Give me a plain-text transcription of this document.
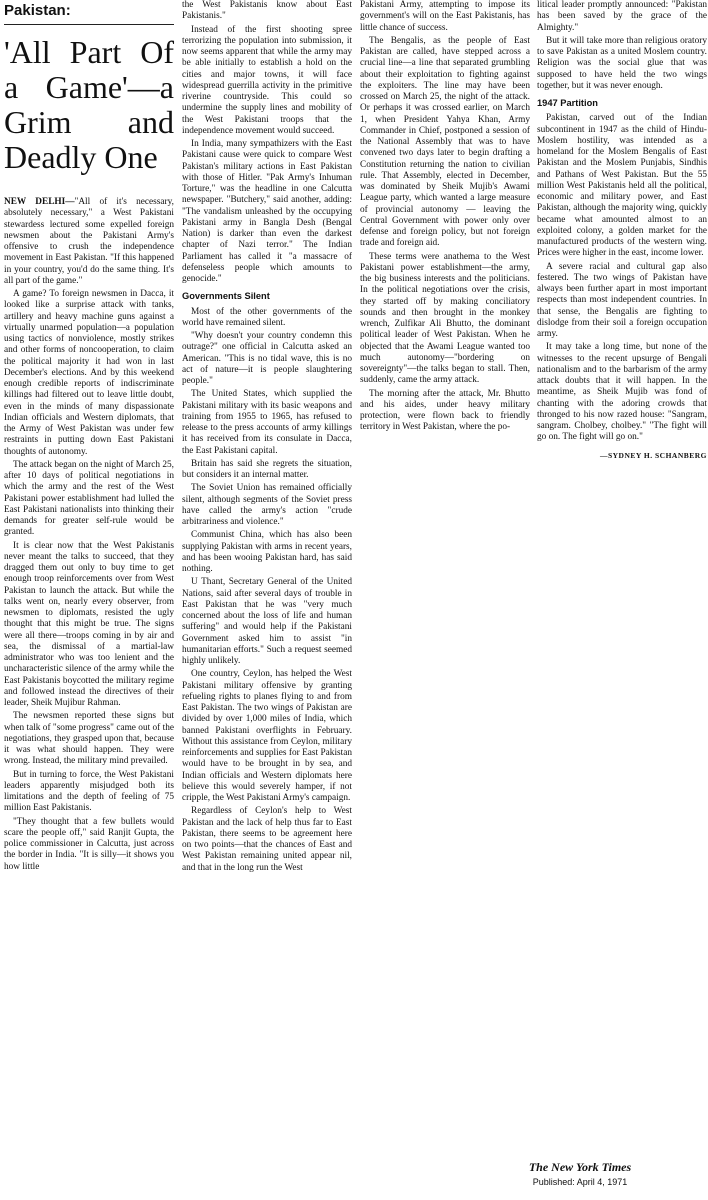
Pakistan:
'All Part Of a Game'—a Grim and Deadly One

NEW DELHI—"All of it's necessary, absolutely necessary," a West Pakistani stewardess lectured some expelled foreign newsmen about the Pakistani Army's offensive to crush the independence movement in East Pakistan. "If this happened in your country, you'd do the same thing. It's all part of the game."

A game? To foreign newsmen in Dacca, it looked like a surprise attack with tanks, artillery and heavy machine guns against a virtually unarmed population—a population using tactics of nonviolence, mostly strikes and other forms of noncooperation, to claim the political majority it had won in last December's elections. And by this weekend enough credible reports of indiscriminate killings had filtered out to leave little doubt, even in the minds of many dispassionate Indian officials and Western diplomats, that the Army of West Pakistan was under few restraints in putting down East Pakistani thoughts of autonomy.

The attack began on the night of March 25, after 10 days of political negotiations in which the army and the rest of the West Pakistani power establishment had lulled the East Pakistani nationalists into thinking their demands for greater self-rule would be granted.

It is clear now that the West Pakistanis never meant the talks to succeed, that they dragged them out only to buy time to get enough troop reinforcements over from West Pakistan to launch the attack. But while the talks went on, nearly every observer, from newsmen to diplomats, resisted the ugly thought that this might be true. The signs were all there—troops coming in by air and sea, the dismissal of a martial-law administrator who was too lenient and the uncharacteristic silence of the army while the East Pakistanis boycotted the military regime and followed instead the directives of their leader, Sheik Mujibur Rahman.

The newsmen reported these signs but when talk of "some progress" came out of the negotiations, they grasped upon that, because it was what should happen. They were wrong. Instead, the military mind prevailed.

But in turning to force, the West Pakistani leaders apparently misjudged both its limitations and the depth of feeling of 75 million East Pakistanis.

"They thought that a few bullets would scare the people off," said Ranjit Gupta, the police commissioner in Calcutta, just across the border in India. "It is silly—it shows you how little

the West Pakistanis know about East Pakistanis."

Instead of the first shooting spree terrorizing the population into submission, it now seems apparent that while the army may be able initially to establish a hold on the cities and major towns, it will face widespread guerrilla activity in the primitive riverine countryside. This could so undermine the supply lines and mobility of the West Pakistani troops that the independence movement would succeed.

In India, many sympathizers with the East Pakistani cause were quick to compare West Pakistan's military actions in East Pakistan with those of Hitler. "Pak Army's Inhuman Torture," was the headline in one Calcutta newspaper. "Butchery," said another, adding: "The vandalism unleashed by the occupying Pakistani army in Bangla Desh (Bengal Nation) is darker than even the darkest chapter of Nazi terror." The Indian Parliament has called it "a massacre of defenseless people which amounts to genocide."

Governments Silent

Most of the other governments of the world have remained silent.

"Why doesn't your country condemn this outrage?" one official in Calcutta asked an American. "This is no tidal wave, this is no act of nature—it is people slaughtering people."

The United States, which supplied the Pakistani military with its basic weapons and training from 1955 to 1965, has refused to release to the press accounts of army killings it has received from its consulate in Dacca, the East Pakistani capital.

Britain has said she regrets the situation, but considers it an internal matter.

The Soviet Union has remained officially silent, although segments of the Soviet press have called the army's action "crude arbitrariness and violence."

Communist China, which has also been supplying Pakistan with arms in recent years, and has been wooing Pakistan hard, has said nothing.

U Thant, Secretary General of the United Nations, said after several days of trouble in East Pakistan that he was "very much concerned about the loss of life and human suffering" and would help if the Pakistani Government asked him to assist "in humanitarian efforts." Such a request seemed highly unlikely.

One country, Ceylon, has helped the West Pakistani military offensive by granting refueling rights to planes flying to and from East Pakistan. The two wings of Pakistan are divided by over 1,000 miles of India, which banned Pakistani overflights in February. Without this assistance from Ceylon, military reinforcements and supplies for East Pakistan would have to be brought in by sea, and Indian officials and Western diplomats here believe this would severely hamper, if not cripple, the West Pakistani Army's campaign.

Regardless of Ceylon's help to West Pakistan and the lack of help thus far to East Pakistan, there seems to be agreement here on two points—that the chances of East and West Pakistan remaining united appear nil, and that in the long run the West

Pakistani Army, attempting to impose its government's will on the East Pakistanis, has little chance of success.

The Bengalis, as the people of East Pakistan are called, have stepped across a crucial line—a line that separated grumbling about their exploitation to fighting against the exploiters. The line may have been crossed on March 25, the night of the attack. Or perhaps it was crossed earlier, on March 1, when President Yahya Khan, Army Commander in Chief, postponed a session of the National Assembly that was to have convened two days later to begin drafting a Constitution returning the nation to civilian rule. That Assembly, elected in December, was dominated by Sheik Mujib's Awami League party, which wanted a large measure of provincial autonomy — leaving the Central Government with power only over defense and foreign policy, but not foreign trade and foreign aid.

These terms were anathema to the West Pakistani power establishment—the army, the big business interests and the politicians. In the political negotiations over the crisis, they started off by making conciliatory sounds and then brought in the monkey wrench, Zulfikar Ali Bhutto, the dominant political leader of West Pakistan. When he objected that the Awami League wanted too much autonomy—"bordering on sovereignty"—the talks began to stall. Then, suddenly, came the army attack.

The morning after the attack, Mr. Bhutto and his aides, under heavy military protection, were flown back to friendly territory in West Pakistan, where the po-

litical leader promptly announced: "Pakistan has been saved by the grace of the Almighty."

But it will take more than religious oratory to save Pakistan as a united Moslem country. Religion was the social glue that was supposed to have held the two wings together, but it was never enough.

1947 Partition

Pakistan, carved out of the Indian subcontinent in 1947 as the child of Hindu-Moslem hostility, was intended as a homeland for the Moslem Bengalis of East Pakistan and the Moslem Punjabis, Sindhis and Pathans of West Pakistan. But the 55 million West Pakistanis held all the political, economic and military power, and East Pakistan, although the majority wing, quickly became what amounted almost to an exploited colony, a golden market for the manufactured products of the western wing. Prices were higher in the east, income lower.

A severe racial and cultural gap also festered. The two wings of Pakistan have always been further apart in most important respects than most independent countries. In that sense, the Bengalis are fighting to dislodge from their soil a foreign occupation army.

It may take a long time, but none of the witnesses to the recent upsurge of Bengali nationalism and to the barbarism of the army attack doubts that it will happen. In the meantime, as Sheik Mujib was fond of chanting with the adoring crowds that thronged to his now razed house: "Sangram, sangram. Cholbey, cholbey." "The fight will go on. The fight will go on."

—SYDNEY H. SCHANBERG
The New York Times
Published: April 4, 1971
